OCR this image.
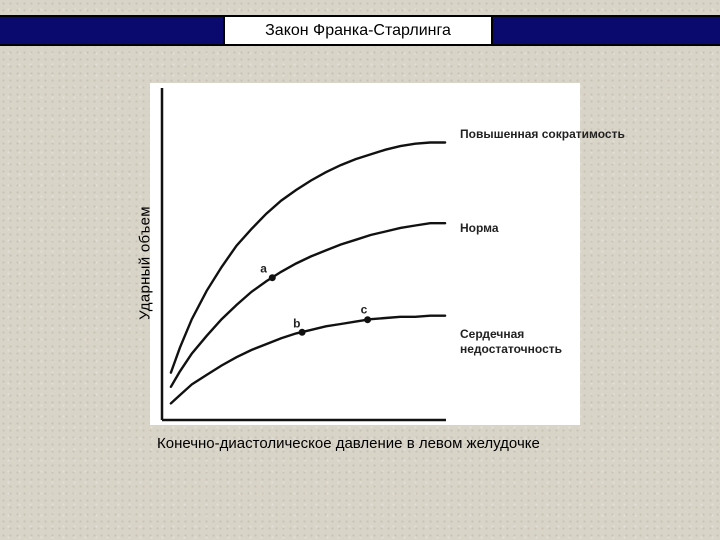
Закон Франка-Старлинга
a
b
c
Повышенная сократимость
Норма
Сердечная недостаточность
Ударный объем
Конечно-диастолическое давление в левом желудочке
